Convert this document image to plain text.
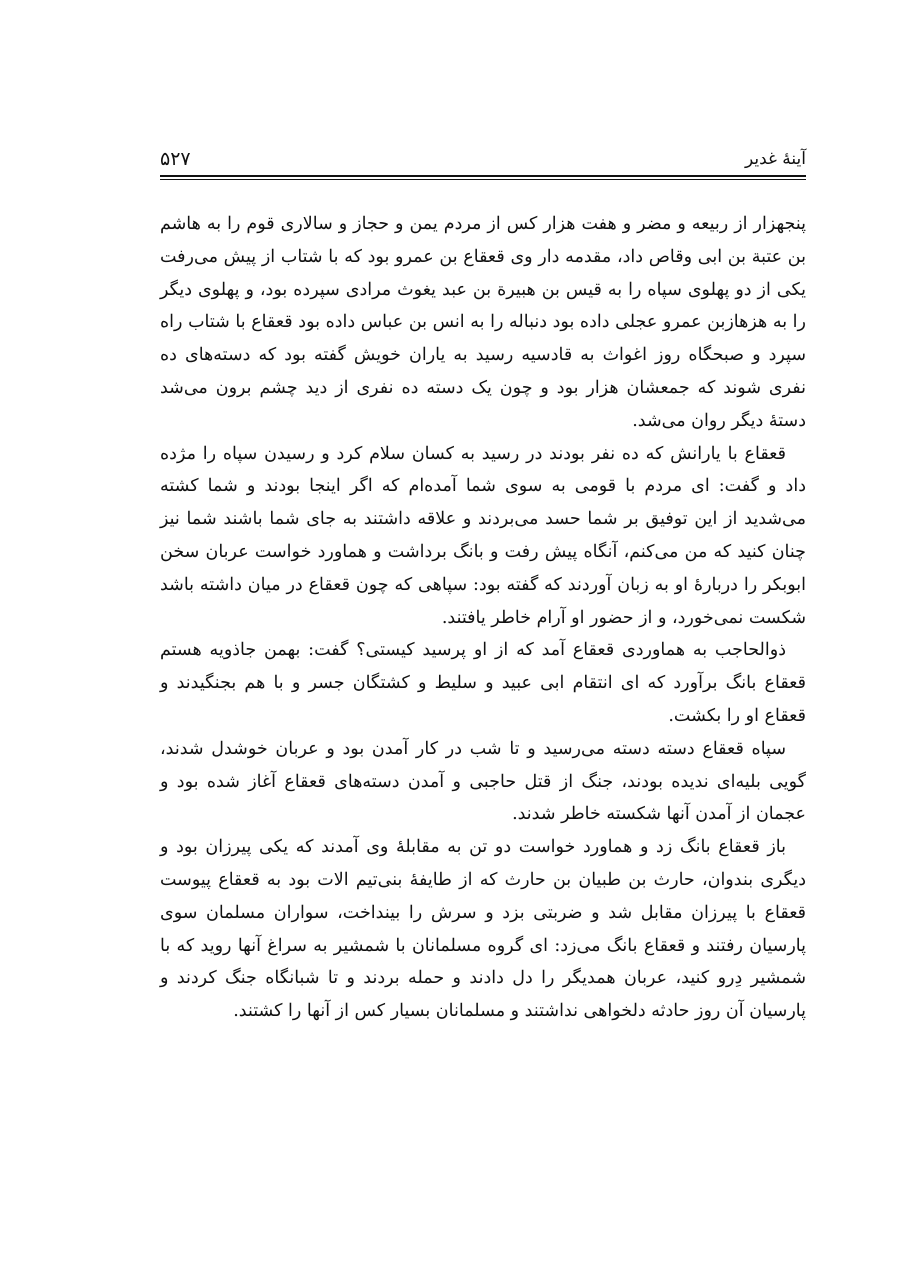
آینهٔ غدیر
۵۲۷

پنجهزار از ربیعه و مضر و هفت هزار کس از مردم یمن و حجاز و سالاری قوم را به هاشم بن عتبة بن ابی وقاص داد، مقدمه دار وی قعقاع بن عمرو بود که با شتاب از پیش می‌رفت یکی از دو پهلوی سپاه را به قیس بن هبیرة بن عبد یغوث مرادی سپرده بود، و پهلوی دیگر را به هزهازبن عمرو عجلی داده بود دنباله را به انس بن عباس داده بود قعقاع با شتاب راه سپرد و صبحگاه روز اغواث به قادسیه رسید به یاران خویش گفته بود که دسته‌های ده نفری شوند که جمعشان هزار بود و چون یک دسته ده نفری از دید چشم برون می‌شد دستهٔ دیگر روان می‌شد.

قعقاع با یارانش که ده نفر بودند در رسید به کسان سلام کرد و رسیدن سپاه را مژده داد و گفت: ای مردم با قومی به سوی شما آمده‌ام که اگر اینجا بودند و شما کشته می‌شدید از این توفیق بر شما حسد می‌بردند و علاقه داشتند به جای شما باشند شما نیز چنان کنید که من می‌کنم، آنگاه پیش رفت و بانگ برداشت و هماورد خواست عربان سخن ابوبکر را دربارهٔ او به زبان آوردند که گفته بود: سپاهی که چون قعقاع در میان داشته باشد شکست نمی‌خورد، و از حضور او آرام خاطر یافتند.

ذوالحاجب به هماوردی قعقاع آمد که از او پرسید کیستی؟ گفت: بهمن جاذویه هستم قعقاع بانگ برآورد که ای انتقام ابی عبید و سلیط و کشتگان جسر و با هم بجنگیدند و قعقاع او را بکشت.

سپاه قعقاع دسته دسته می‌رسید و تا شب در کار آمدن بود و عربان خوشدل شدند، گویی بلیه‌ای ندیده بودند، جنگ از قتل حاجبی و آمدن دسته‌های قعقاع آغاز شده بود و عجمان از آمدن آنها شکسته خاطر شدند.

باز قعقاع بانگ زد و هماورد خواست دو تن به مقابلهٔ وی آمدند که یکی پیرزان بود و دیگری بندوان، حارث بن طبیان بن حارث که از طایفهٔ بنی‌تیم الات بود به قعقاع پیوست قعقاع با پیرزان مقابل شد و ضربتی بزد و سرش را بینداخت، سواران مسلمان سوی پارسیان رفتند و قعقاع بانگ می‌زد: ای گروه مسلمانان با شمشیر به سراغ آنها روید که با شمشیر دِرو کنید، عربان همدیگر را دل دادند و حمله بردند و تا شبانگاه جنگ کردند و پارسیان آن روز حادثه دلخواهی نداشتند و مسلمانان بسیار کس از آنها را کشتند.
